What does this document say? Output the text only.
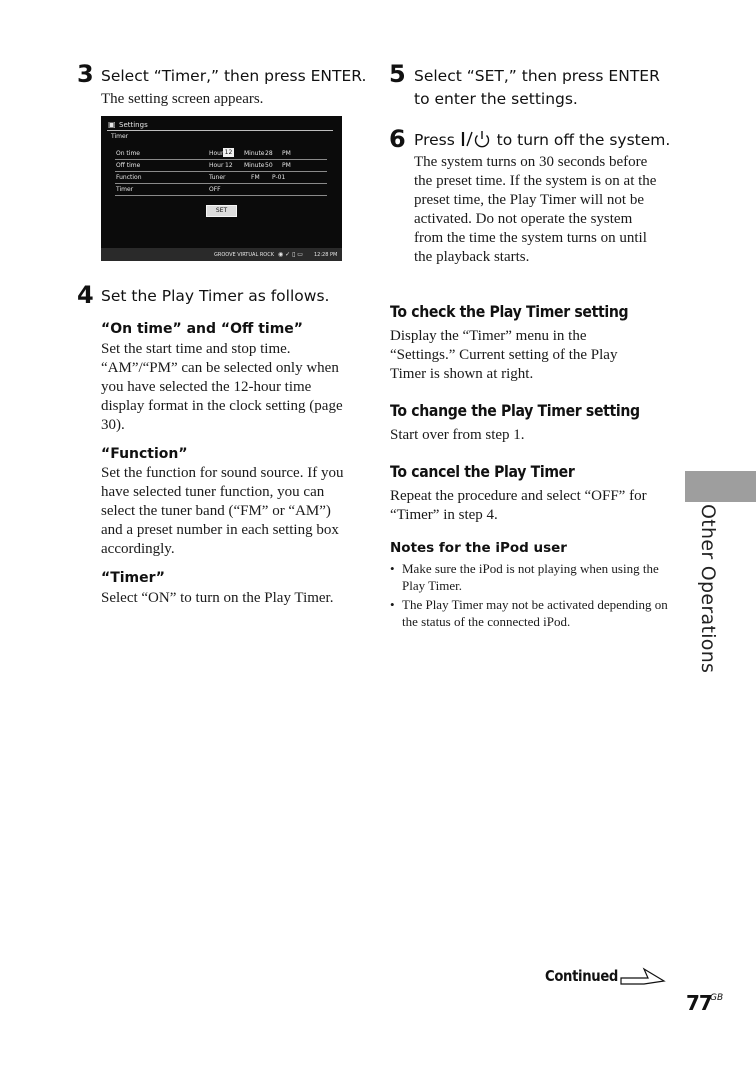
3 Select “Timer,” then press ENTER.
The setting screen appears.
▣ Settings
Timer
On time	Hour 12 Minute 28 PM
Off time	Hour 12 Minute 50 PM
Function	Tuner	FM P-01
Timer	OFF
SET
GROOVE VIRTUAL ROCK ◉ ✓ ▯ ▭ 12:28 PM
4 Set the Play Timer as follows.
“On time” and “Off time”
Set the start time and stop time. “AM”/“PM” can be selected only when you have selected the 12-hour time display format in the clock setting (page 30).
“Function”
Set the function for sound source. If you have selected tuner function, you can select the tuner band (“FM” or “AM”) and a preset number in each setting box accordingly.
“Timer”
Select “ON” to turn on the Play Timer.
5 Select “SET,” then press ENTER to enter the settings.
6 Press  to turn off the system.
The system turns on 30 seconds before the preset time. If the system is on at the preset time, the Play Timer will not be activated. Do not operate the system from the time the system turns on until the playback starts.
To check the Play Timer setting
Display the “Timer” menu in the “Settings.” Current setting of the Play Timer is shown at right.
To change the Play Timer setting
Start over from step 1.
To cancel the Play Timer
Repeat the procedure and select “OFF” for “Timer” in step 4.
Notes for the iPod user
• Make sure the iPod is not playing when using the Play Timer.
• The Play Timer may not be activated depending on the status of the connected iPod.	Other Operations
Continued
77
GB
